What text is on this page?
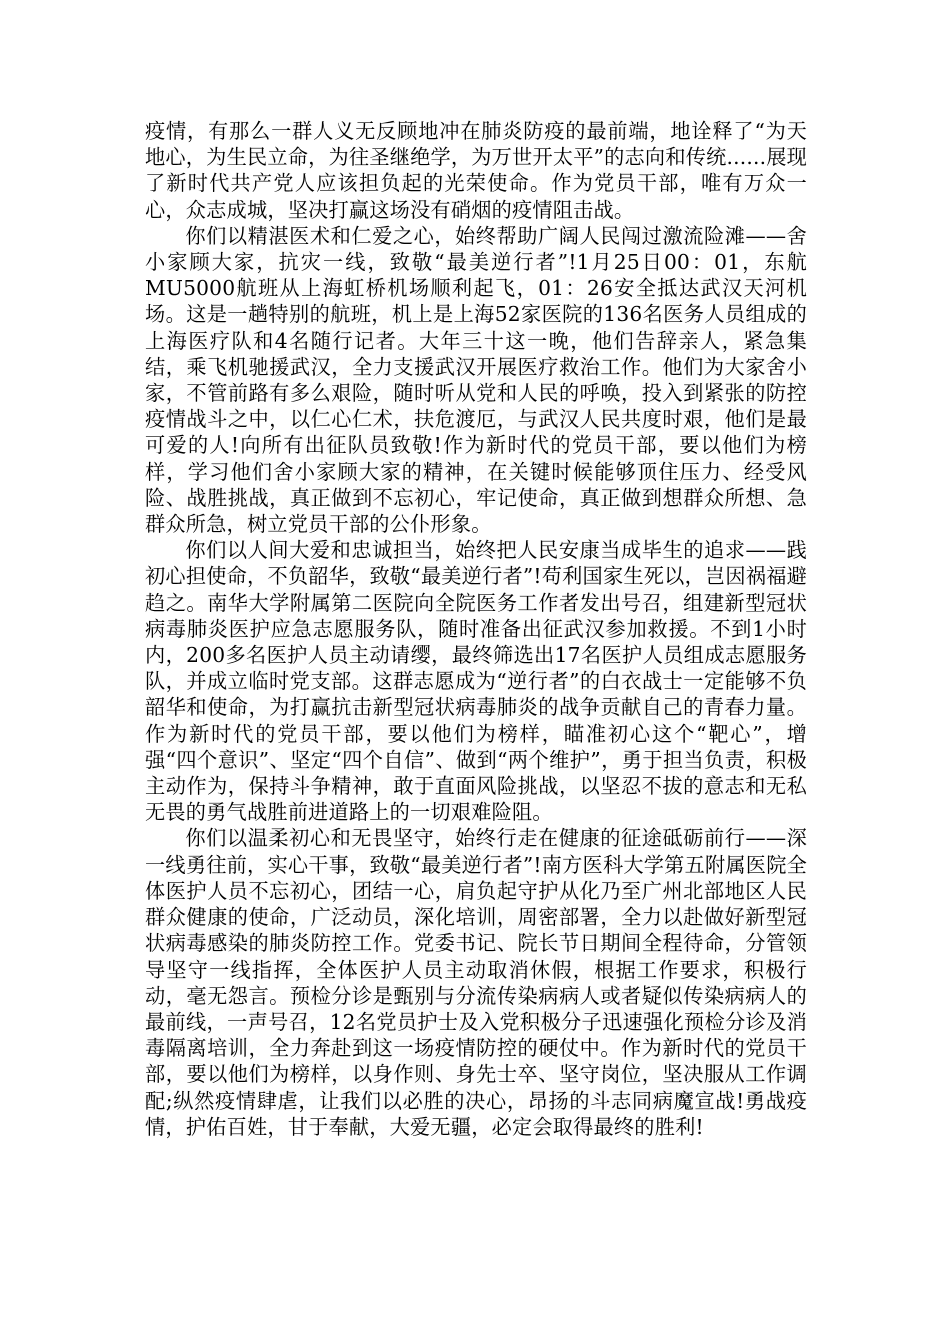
疫情，有那么一群人义无反顾地冲在肺炎防疫的最前端，地诠释了“为天地心，为生民立命，为往圣继绝学，为万世开太平”的志向和传统......展现了新时代共产党人应该担负起的光荣使命。作为党员干部，唯有万众一心，众志成城，坚决打赢这场没有硝烟的疫情阻击战。

你们以精湛医术和仁爱之心，始终帮助广阔人民闯过激流险滩——舍小家顾大家，抗灾一线，致敬“最美逆行者”!1月25日00：01，东航MU5000航班从上海虹桥机场顺利起飞，01：26安全抵达武汉天河机场。这是一趟特别的航班，机上是上海52家医院的136名医务人员组成的上海医疗队和4名随行记者。大年三十这一晚，他们告辞亲人，紧急集结，乘飞机驰援武汉，全力支援武汉开展医疗救治工作。他们为大家舍小家，不管前路有多么艰险，随时听从党和人民的呼唤，投入到紧张的防控疫情战斗之中，以仁心仁术，扶危渡厄，与武汉人民共度时艰，他们是最可爱的人!向所有出征队员致敬!作为新时代的党员干部，要以他们为榜样，学习他们舍小家顾大家的精神，在关键时候能够顶住压力、经受风险、战胜挑战，真正做到不忘初心，牢记使命，真正做到想群众所想、急群众所急，树立党员干部的公仆形象。

你们以人间大爱和忠诚担当，始终把人民安康当成毕生的追求——践初心担使命，不负韶华，致敬“最美逆行者”!苟利国家生死以，岂因祸福避趋之。南华大学附属第二医院向全院医务工作者发出号召，组建新型冠状病毒肺炎医护应急志愿服务队，随时准备出征武汉参加救援。不到1小时内，200多名医护人员主动请缨，最终筛选出17名医护人员组成志愿服务队，并成立临时党支部。这群志愿成为“逆行者”的白衣战士一定能够不负韶华和使命，为打赢抗击新型冠状病毒肺炎的战争贡献自己的青春力量。作为新时代的党员干部，要以他们为榜样，瞄准初心这个“靶心”，增强“四个意识”、坚定“四个自信”、做到“两个维护”，勇于担当负责，积极主动作为，保持斗争精神，敢于直面风险挑战，以坚忍不拔的意志和无私无畏的勇气战胜前进道路上的一切艰难险阻。

你们以温柔初心和无畏坚守，始终行走在健康的征途砥砺前行——深一线勇往前，实心干事，致敬“最美逆行者”!南方医科大学第五附属医院全体医护人员不忘初心，团结一心，肩负起守护从化乃至广州北部地区人民群众健康的使命，广泛动员，深化培训，周密部署，全力以赴做好新型冠状病毒感染的肺炎防控工作。党委书记、院长节日期间全程待命，分管领导坚守一线指挥，全体医护人员主动取消休假，根据工作要求，积极行动，毫无怨言。预检分诊是甄别与分流传染病病人或者疑似传染病病人的最前线，一声号召，12名党员护士及入党积极分子迅速强化预检分诊及消毒隔离培训，全力奔赴到这一场疫情防控的硬仗中。作为新时代的党员干部，要以他们为榜样，以身作则、身先士卒、坚守岗位，坚决服从工作调配;纵然疫情肆虐，让我们以必胜的决心，昂扬的斗志同病魔宣战!勇战疫情，护佑百姓，甘于奉献，大爱无疆，必定会取得最终的胜利!
